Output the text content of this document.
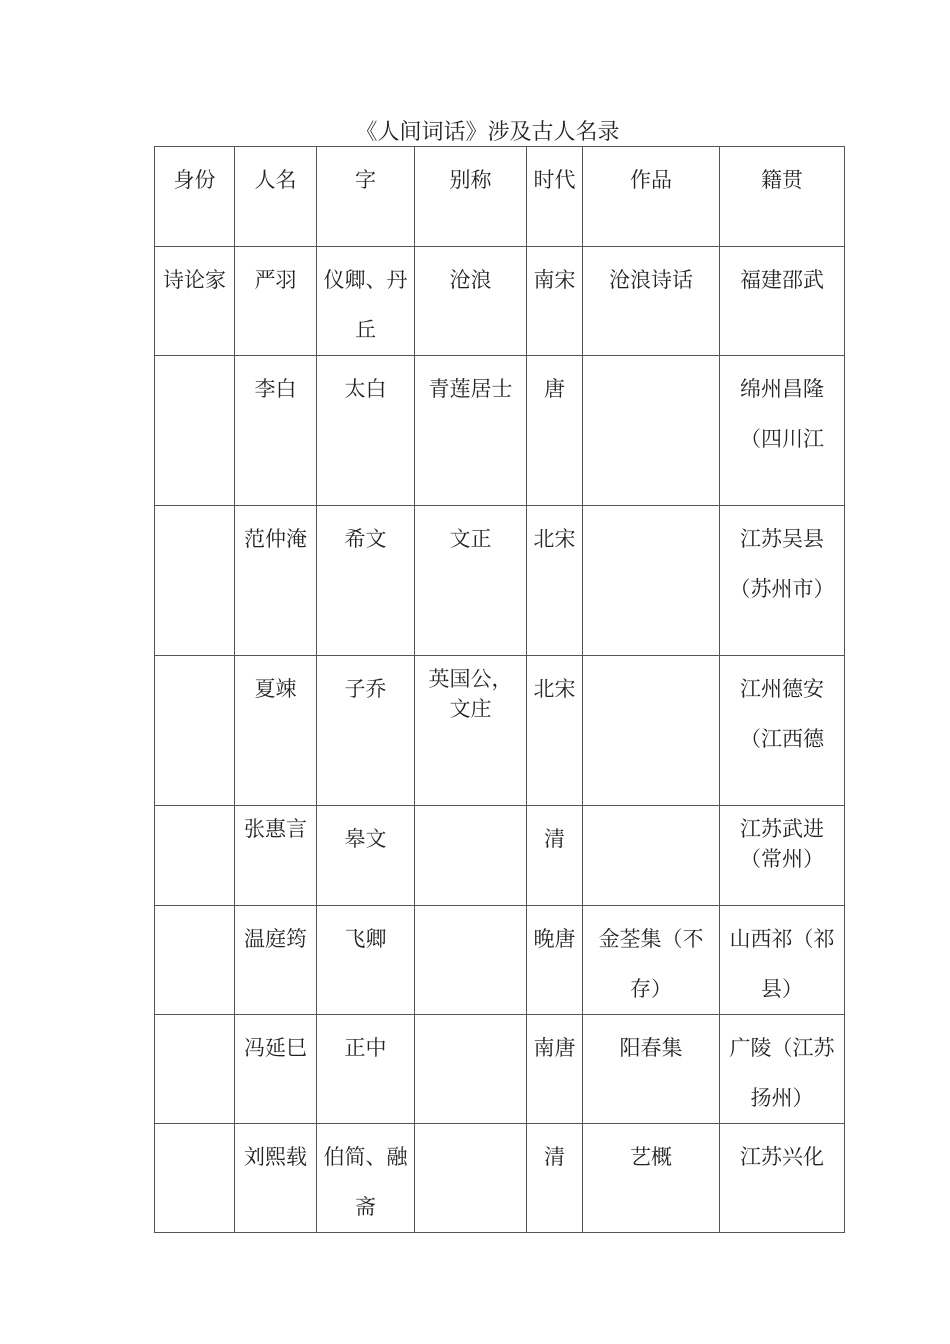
《人间词话》涉及古人名录
身份	人名	字	别称	时代	作品	籍贯
诗论家	严羽	仪卿、丹丘	沧浪	南宋	沧浪诗话	福建邵武
	李白	太白	青莲居士	唐		绵州昌隆（四川江
	范仲淹	希文	文正	北宋		江苏吴县（苏州市）
	夏竦	子乔	英国公，文庄	北宋		江州德安（江西德
	张惠言	皋文		清		江苏武进（常州）
	温庭筠	飞卿		晚唐	金荃集（不存）	山西祁（祁县）
	冯延巳	正中		南唐	阳春集	广陵（江苏扬州）
	刘熙载	伯简、融斋		清	艺概	江苏兴化
